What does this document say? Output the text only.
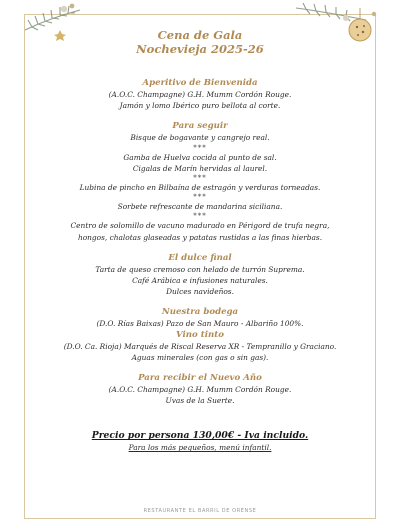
Cena de Gala
Nochevieja 2025-26
Aperitivo de Bienvenida
(A.O.C. Champagne) G.H. Mumm Cordón Rouge.
Jamón y lomo Ibérico puro bellota al corte.
Para seguir
Bisque de bogavante y cangrejo real.
***
Gamba de Huelva cocida al punto de sal.
Cigalas de Marín hervidas al laurel.
***
Lubina de pincho en Bilbaína de estragón y verduras torneadas.
***
Sorbete refrescante de mandarina siciliana.
***
Centro de solomillo de vacuno madurado en Périgord de trufa negra,
hongos, chalotas glaseadas y patatas rustidas a las finas hierbas.
El dulce final
Tarta de queso cremoso con helado de turrón Suprema.
Café Arábica e infusiones naturales.
Dulces navideños.
Nuestra bodega
(D.O. Rías Baixas) Pazo de San Mauro - Albariño 100%.
Vino tinto
(D.O. Ca. Rioja) Marqués de Riscal Reserva XR - Tempranillo y Graciano.
Aguas minerales (con gas o sin gas).
Para recibir el Nuevo Año
(A.O.C. Champagne) G.H. Mumm Cordón Rouge.
Uvas de la Suerte.
Precio por persona 130,00€ - Iva incluido.
Para los más pequeños, menú infantil.
RESTAURANTE EL BARRIL DE ORENSE
